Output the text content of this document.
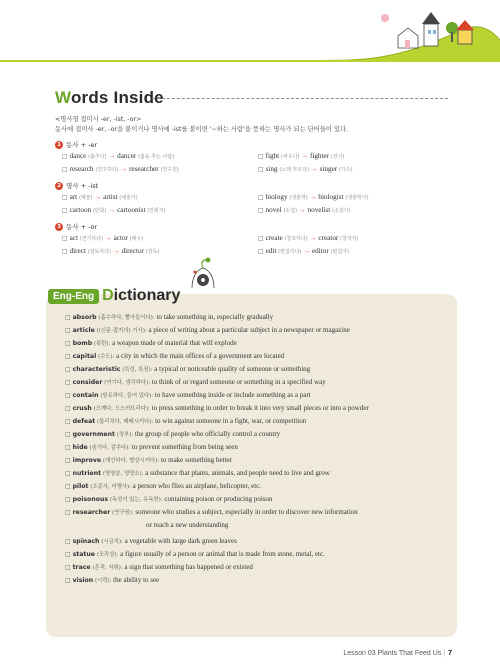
Words Inside
<명사형 접미사 -er, -ist, -or>
동사에 접미사 -er, -or을 붙이거나 명사에 -ist를 붙이면 '~하는 사람'을 뜻하는 명사가 되는 단어들이 있다.
1 동사 + -er
□ dance (춤추다) → dancer (춤을 추는 사람)	□ fight (싸우다) → fighter (전사)
□ research (연구하다) → researcher (연구원)	□ sing (노래 부르다) → singer (가수)
2 명사 + -ist
□ art (예술) → artist (예술가)	□ biology (생물학) → biologist (생물학자)
□ cartoon (만화) → cartoonist (만화가)	□ novel (소설) → novelist (소설가)
3 동사 + -or
□ act (연기하다) → actor (배우)	□ create (창조하다) → creator (창작자)
□ direct (감독하다) → director (감독)	□ edit (편집하다) → editor (편집자)
Eng-Eng Dictionary
□ absorb (흡수하다, 빨아들이다): to take something in, especially gradually
□ article ((신문·잡지의) 기사): a piece of writing about a particular subject in a newspaper or magazine
□ bomb (폭탄): a weapon made of material that will explode
□ capital (수도): a city in which the main offices of a government are located
□ characteristic (특성, 특징): a typical or noticeable quality of someone or something
□ consider (여기다, 생각하다): to think of or regard someone or something in a specified way
□ contain (함유하다, 들어 있다): to have something inside or include something as a part
□ crush (으깨다, 으스러뜨리다): to press something in order to break it into very small pieces or into a powder
□ defeat (물리치다, 패배시키다): to win against someone in a fight, war, or competition
□ government (정부): the group of people who officially control a country
□ hide (숨기다, 감추다): to prevent something from being seen
□ improve (개선하다, 향상시키다): to make something better
□ nutrient (영양분, 영양소): a substance that plants, animals, and people need to live and grow
□ pilot (조종사, 비행사): a person who flies an airplane, helicopter, etc.
□ poisonous (독성이 있는, 유독한): containing poison or producing poison
□ researcher (연구원): someone who studies a subject, especially in order to discover new information
or reach a new understanding
□ spinach (시금치): a vegetable with large dark green leaves
□ statue (조각상): a figure usually of a person or animal that is made from stone, metal, etc.
□ trace (흔적, 자취): a sign that something has happened or existed
□ vision (시력): the ability to see
Lesson 03 Plants That Feed Us | 7
